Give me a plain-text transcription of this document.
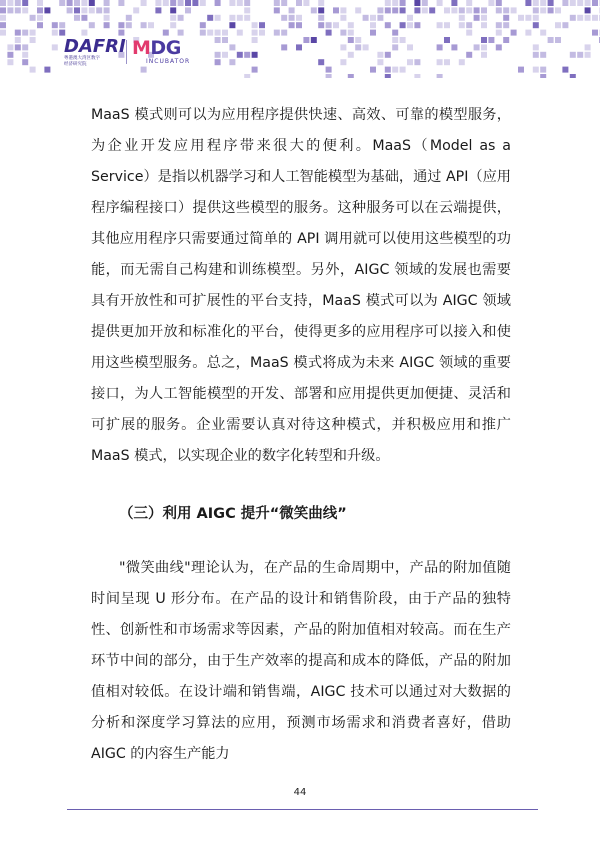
DAFRI
粤港澳大湾区数字
经济研究院
MDG
INCUBATOR

MaaS 模式则可以为应用程序提供快速、高效、可靠的模型服务，为企业开发应用程序带来很大的便利。MaaS（Model as a Service）是指以机器学习和人工智能模型为基础，通过 API（应用程序编程接口）提供这些模型的服务。这种服务可以在云端提供，其他应用程序只需要通过简单的 API 调用就可以使用这些模型的功能，而无需自己构建和训练模型。另外，AIGC 领域的发展也需要具有开放性和可扩展性的平台支持，MaaS 模式可以为 AIGC 领域提供更加开放和标准化的平台，使得更多的应用程序可以接入和使用这些模型服务。总之，MaaS 模式将成为未来 AIGC 领域的重要接口，为人工智能模型的开发、部署和应用提供更加便捷、灵活和可扩展的服务。企业需要认真对待这种模式，并积极应用和推广 MaaS 模式，以实现企业的数字化转型和升级。

（三）利用 AIGC 提升“微笑曲线”

"微笑曲线"理论认为，在产品的生命周期中，产品的附加值随时间呈现 U 形分布。在产品的设计和销售阶段，由于产品的独特性、创新性和市场需求等因素，产品的附加值相对较高。而在生产环节中间的部分，由于生产效率的提高和成本的降低，产品的附加值相对较低。在设计端和销售端，AIGC 技术可以通过对大数据的分析和深度学习算法的应用，预测市场需求和消费者喜好，借助 AIGC 的内容生产能力

44
